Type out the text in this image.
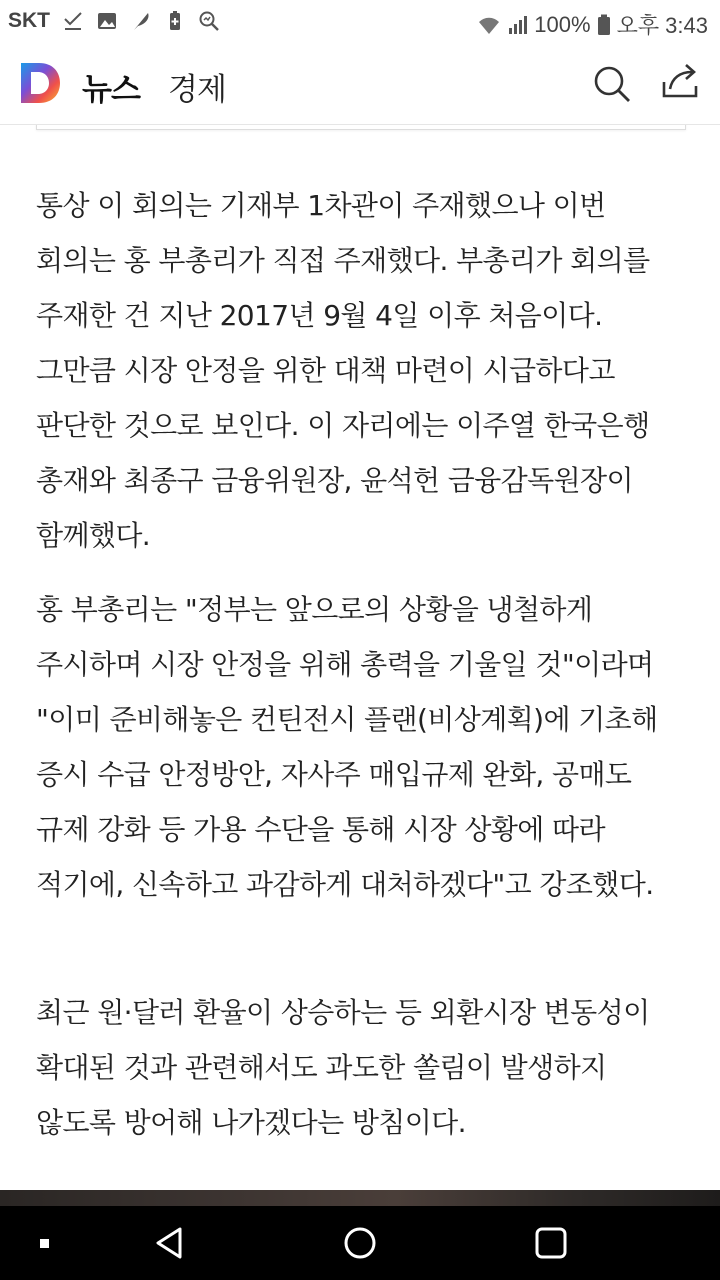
SKT	100% 오후 3:43
뉴스 경제

통상 이 회의는 기재부 1차관이 주재했으나 이번 회의는 홍 부총리가 직접 주재했다. 부총리가 회의를 주재한 건 지난 2017년 9월 4일 이후 처음이다. 그만큼 시장 안정을 위한 대책 마련이 시급하다고 판단한 것으로 보인다. 이 자리에는 이주열 한국은행 총재와 최종구 금융위원장, 윤석헌 금융감독원장이 함께했다.

홍 부총리는 "정부는 앞으로의 상황을 냉철하게 주시하며 시장 안정을 위해 총력을 기울일 것"이라며 "이미 준비해놓은 컨틴전시 플랜(비상계획)에 기초해 증시 수급 안정방안, 자사주 매입규제 완화, 공매도 규제 강화 등 가용 수단을 통해 시장 상황에 따라 적기에, 신속하고 과감하게 대처하겠다"고 강조했다.

최근 원·달러 환율이 상승하는 등 외환시장 변동성이 확대된 것과 관련해서도 과도한 쏠림이 발생하지 않도록 방어해 나가겠다는 방침이다.
